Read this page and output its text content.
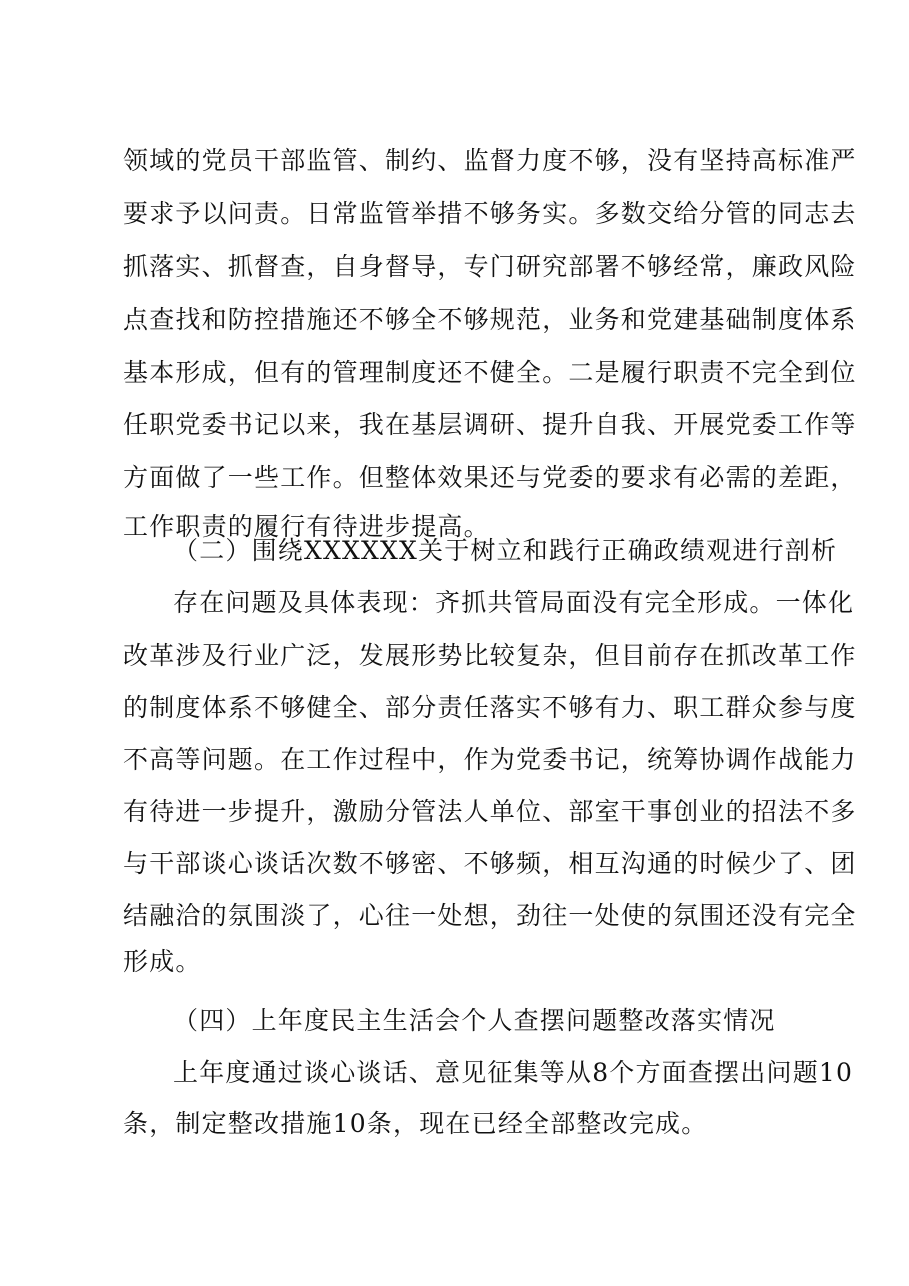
领域的党员干部监管、制约、监督力度不够，没有坚持高标准严
要求予以问责。日常监管举措不够务实。多数交给分管的同志去
抓落实、抓督查，自身督导，专门研究部署不够经常，廉政风险
点查找和防控措施还不够全不够规范，业务和党建基础制度体系
基本形成，但有的管理制度还不健全。二是履行职责不完全到位
任职党委书记以来，我在基层调研、提升自我、开展党委工作等
方面做了一些工作。但整体效果还与党委的要求有必需的差距，
工作职责的履行有待进步提高。
（二）围绕XXXXXX关于树立和践行正确政绩观进行剖析
存在问题及具体表现：齐抓共管局面没有完全形成。一体化
改革涉及行业广泛，发展形势比较复杂，但目前存在抓改革工作
的制度体系不够健全、部分责任落实不够有力、职工群众参与度
不高等问题。在工作过程中，作为党委书记，统筹协调作战能力
有待进一步提升，激励分管法人单位、部室干事创业的招法不多
与干部谈心谈话次数不够密、不够频，相互沟通的时候少了、团
结融洽的氛围淡了，心往一处想，劲往一处使的氛围还没有完全
形成。
（四）上年度民主生活会个人查摆问题整改落实情况
上年度通过谈心谈话、意见征集等从8个方面查摆出问题10
条，制定整改措施10条，现在已经全部整改完成。
